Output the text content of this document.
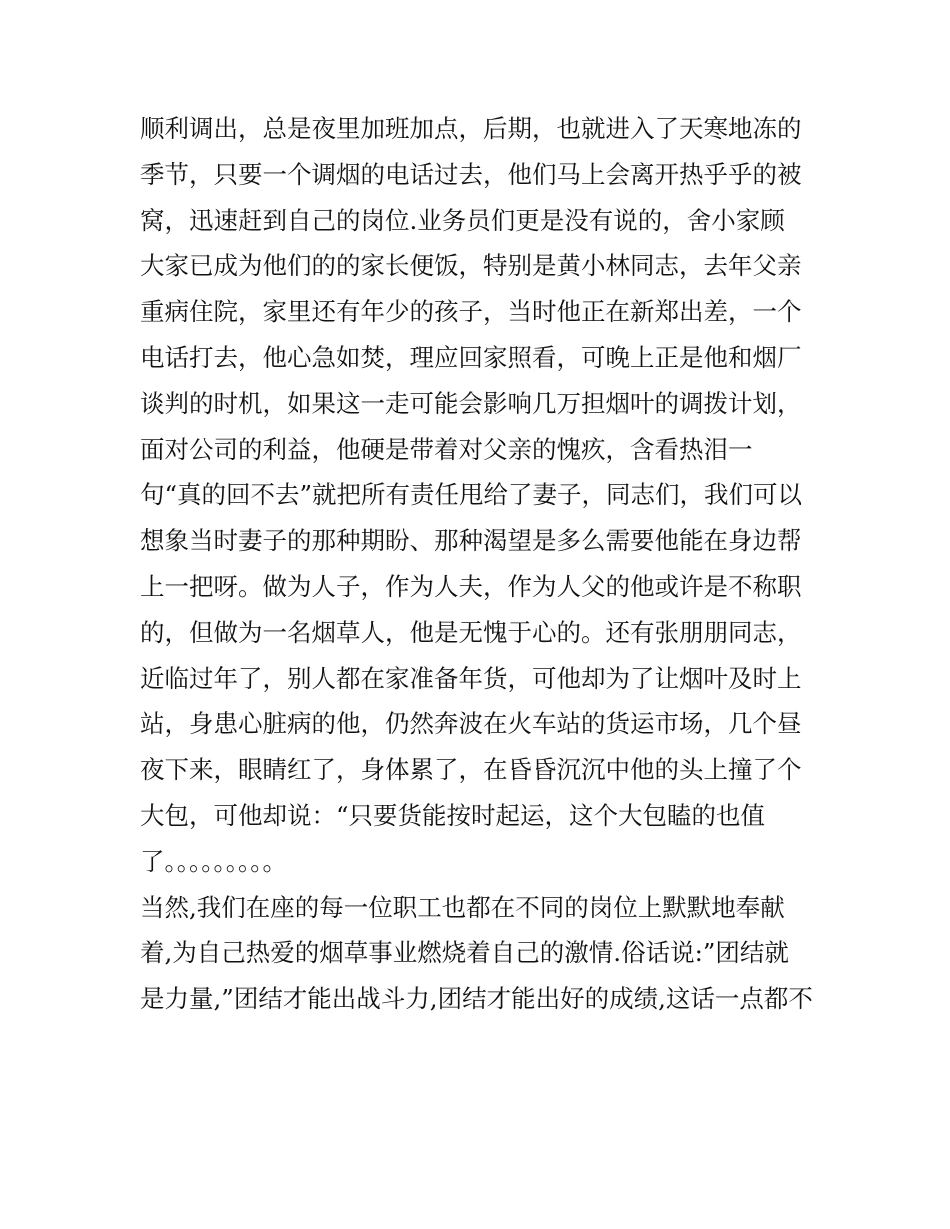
顺利调出，总是夜里加班加点，后期，也就进入了天寒地冻的
季节，只要一个调烟的电话过去，他们马上会离开热乎乎的被
窝，迅速赶到自己的岗位.业务员们更是没有说的，舍小家顾
大家已成为他们的的家长便饭，特别是黄小林同志，去年父亲
重病住院，家里还有年少的孩子，当时他正在新郑出差，一个
电话打去，他心急如焚，理应回家照看，可晚上正是他和烟厂
谈判的时机，如果这一走可能会影响几万担烟叶的调拨计划，
面对公司的利益，他硬是带着对父亲的愧疚，含看热泪一
句“真的回不去”就把所有责任甩给了妻子，同志们，我们可以
想象当时妻子的那种期盼、那种渴望是多么需要他能在身边帮
上一把呀。做为人子，作为人夫，作为人父的他或许是不称职
的，但做为一名烟草人，他是无愧于心的。还有张朋朋同志，
近临过年了，别人都在家准备年货，可他却为了让烟叶及时上
站，身患心脏病的他，仍然奔波在火车站的货运市场，几个昼
夜下来，眼睛红了，身体累了，在昏昏沉沉中他的头上撞了个
大包，可他却说：“只要货能按时起运，这个大包瞌的也值
了。。。。。。。。。
当然,我们在座的每一位职工也都在不同的岗位上默默地奉献
着,为自己热爱的烟草事业燃烧着自己的激情.俗话说:”团结就
是力量,”团结才能出战斗力,团结才能出好的成绩,这话一点都不
